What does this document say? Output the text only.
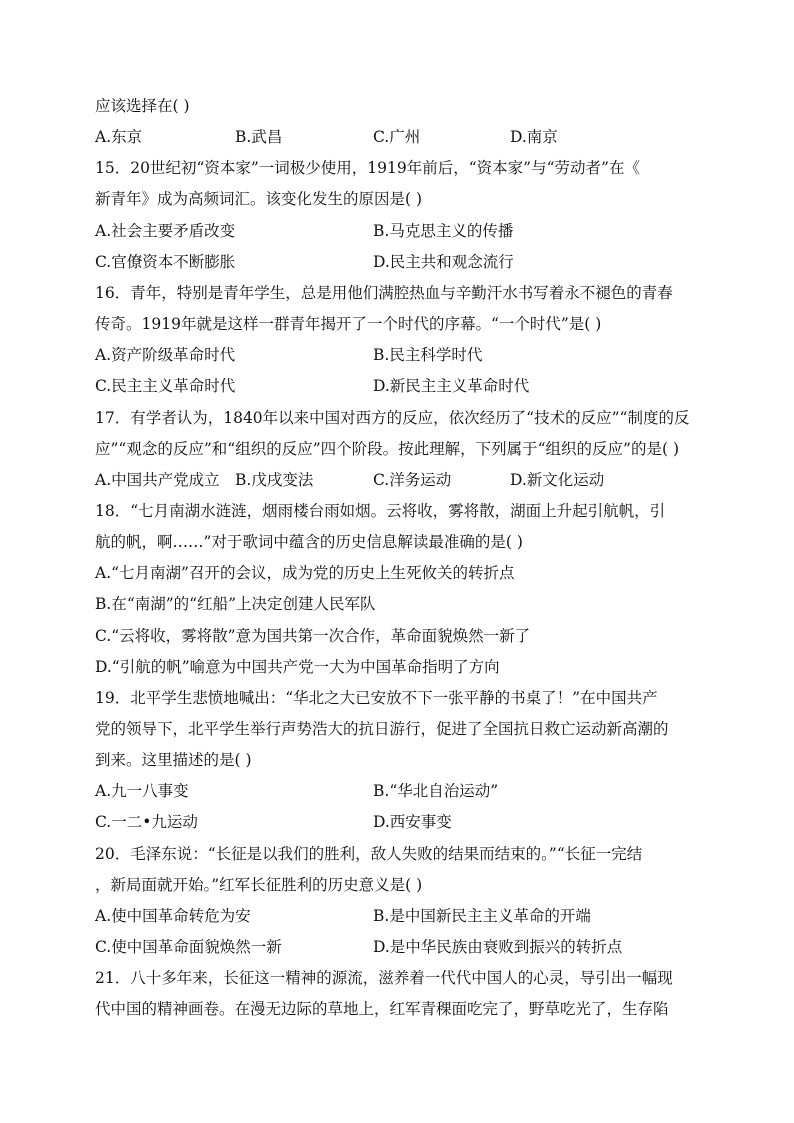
应该选择在( )
A.东京	B.武昌	C.广州	D.南京
15．20世纪初“资本家”一词极少使用，1919年前后，“资本家”与“劳动者”在《
新青年》成为高频词汇。该变化发生的原因是( )
A.社会主要矛盾改变	B.马克思主义的传播
C.官僚资本不断膨胀	D.民主共和观念流行
16．青年，特别是青年学生，总是用他们满腔热血与辛勤汗水书写着永不褪色的青春
传奇。1919年就是这样一群青年揭开了一个时代的序幕。“一个时代”是( )
A.资产阶级革命时代	B.民主科学时代
C.民主主义革命时代	D.新民主主义革命时代
17．有学者认为，1840年以来中国对西方的反应，依次经历了“技术的反应”“制度的反
应”“观念的反应”和“组织的反应”四个阶段。按此理解，下列属于“组织的反应”的是( )
A.中国共产党成立 B.戊戌变法	C.洋务运动	D.新文化运动
18．“七月南湖水涟涟，烟雨楼台雨如烟。云将收，雾将散，湖面上升起引航帆，引
航的帆，啊……”对于歌词中蕴含的历史信息解读最准确的是( )
A.“七月南湖”召开的会议，成为党的历史上生死攸关的转折点
B.在“南湖”的“红船”上决定创建人民军队
C.“云将收，雾将散”意为国共第一次合作，革命面貌焕然一新了
D.“引航的帆”喻意为中国共产党一大为中国革命指明了方向
19．北平学生悲愤地喊出：“华北之大已安放不下一张平静的书桌了！”在中国共产
党的领导下，北平学生举行声势浩大的抗日游行，促进了全国抗日救亡运动新高潮的
到来。这里描述的是( )
A.九一八事变	B.“华北自治运动”
C.一二•九运动	D.西安事变
20．毛泽东说：“长征是以我们的胜利，敌人失败的结果而结束的。”“长征一完结
，新局面就开始。”红军长征胜利的历史意义是( )
A.使中国革命转危为安	B.是中国新民主主义革命的开端
C.使中国革命面貌焕然一新	D.是中华民族由衰败到振兴的转折点
21．八十多年来，长征这一精神的源流，滋养着一代代中国人的心灵，导引出一幅现
代中国的精神画卷。在漫无边际的草地上，红军青稞面吃完了，野草吃光了，生存陷
